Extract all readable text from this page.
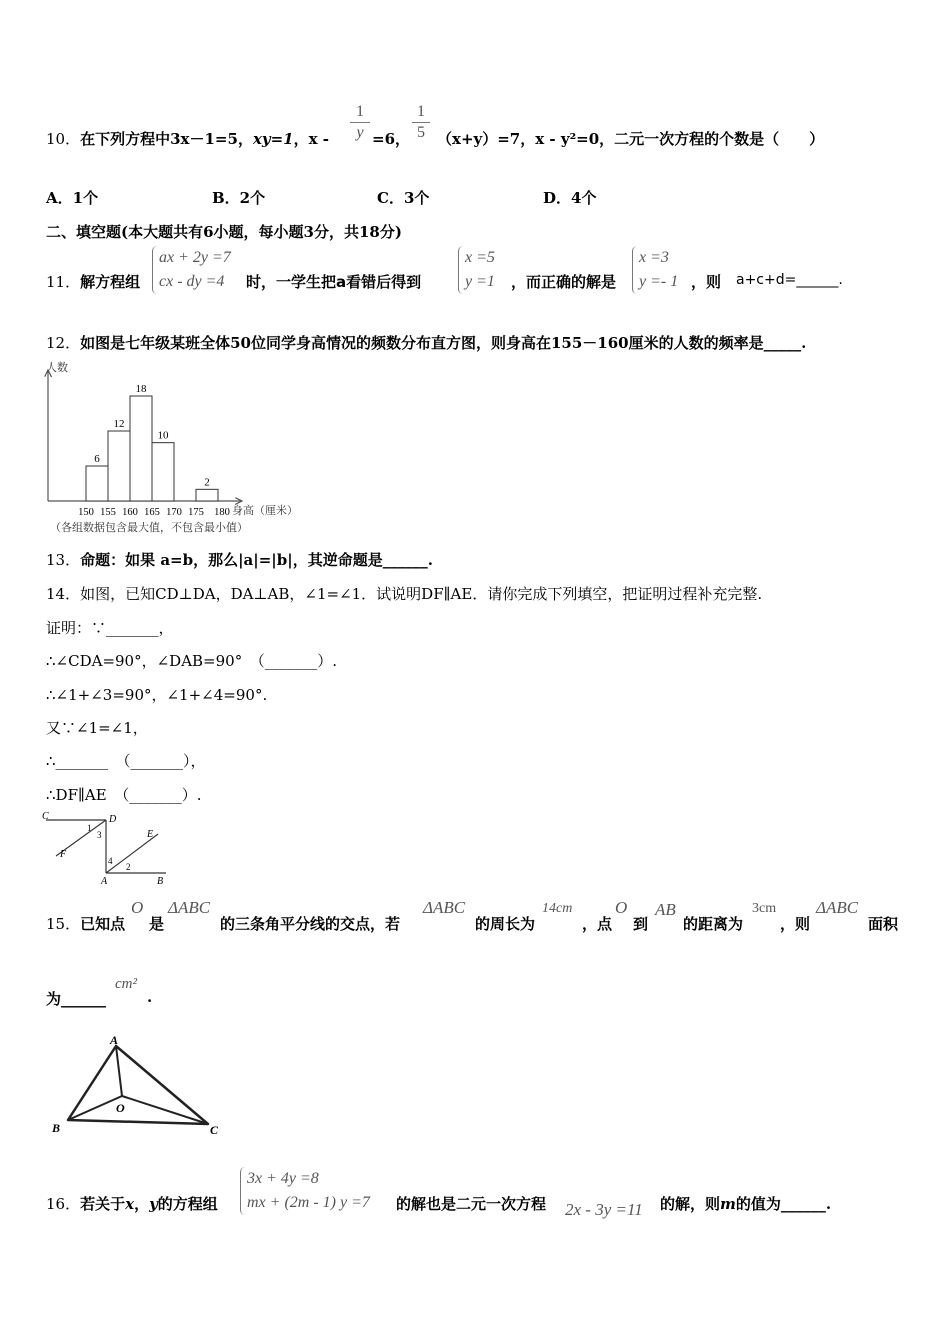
10．在下列方程中3x－1=5，xy=1，$x - \frac{1}{y} =6$， $\frac{1}{5} (x+y)=7$，x - y²=0，二元一次方程的个数是（　　）
A．1个	B．2个	C．3个	D．4个
二、填空题(本大题共有6小题，每小题3分，共18分)
11．解方程组
ax + 2y =7
cx - dy =4	时，一学生把a看错后得到
x =5
y =1 ，而正确的解是
x =3
y =- 1 ，则 a+c+d=______.
12．如图是七年级某班全体50位同学身高情况的频数分布直方图，则身高在155－160厘米的人数的频率是_____.
人数
身高（厘米）
（各组数据包含最大值，不包含最小值）
6
12
18
10
2
150 155 160 165 170 175 180
13．命题：如果 a=b，那么|a|=|b|，其逆命题是______.
14．如图，已知CD⊥DA，DA⊥AB，∠1=∠1．试说明DF∥AE．请你完成下列填空，把证明过程补充完整.
证明：∵_______，
∴∠CDA=90°，∠DAB=90°　（_______）.
∴∠1+∠3=90°，∠1+∠4=90°.
又∵∠1=∠1，
∴_______　（_______），
∴DF∥AE　（_______）.
C	D
F
E
A	B
1
3
4
2
15．已知点
O
是
ΔABC
的三条角平分线的交点，若
ΔABC
的周长为
14cm
，点
O
到
AB
的距离为
3cm
，则
ΔABC
面积
为______
cm²
.
A
B	C
O
16．若关于x，y的方程组
3x + 4y =8
mx + (2m - 1) y =7 的解也是二元一次方程 2x - 3y =11 的解，则m的值为______.
